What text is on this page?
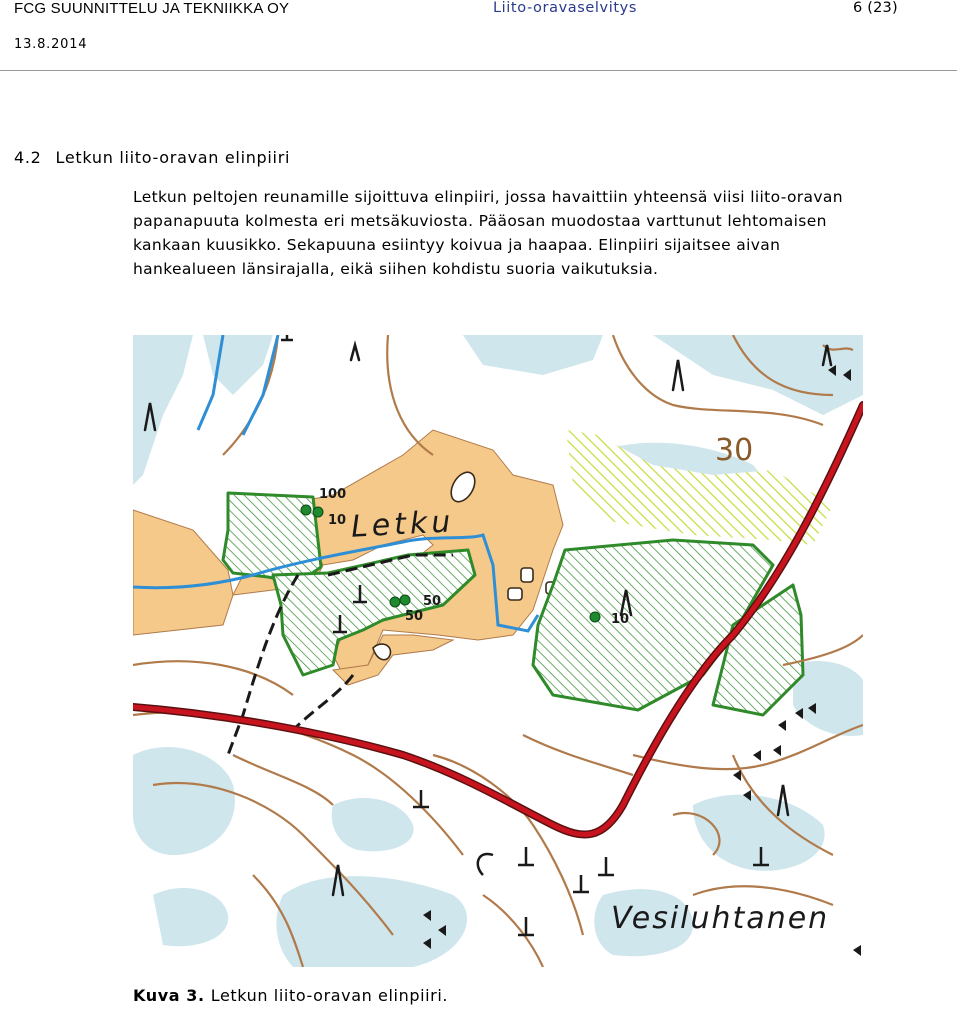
FCG SUUNNITTELU JA TEKNIIKKA OY	Liito-oravaselvitys	6 (23)
13.8.2014
4.2 Letkun liito-oravan elinpiiri

Letkun peltojen reunamille sijoittuva elinpiiri, jossa havaittiin yhteensä viisi liito-oravan

papanapuuta kolmesta eri metsäkuviosta. Pääosan muodostaa varttunut lehtomaisen

kankaan kuusikko. Sekapuuna esiintyy koivua ja haapaa. Elinpiiri sijaitsee aivan

hankealueen länsirajalla, eikä siihen kohdistu suoria vaikutuksia.

Letku
Vesiluhtanen
30
100
10
50
50	10
Kuva 3. Letkun liito-oravan elinpiiri.
